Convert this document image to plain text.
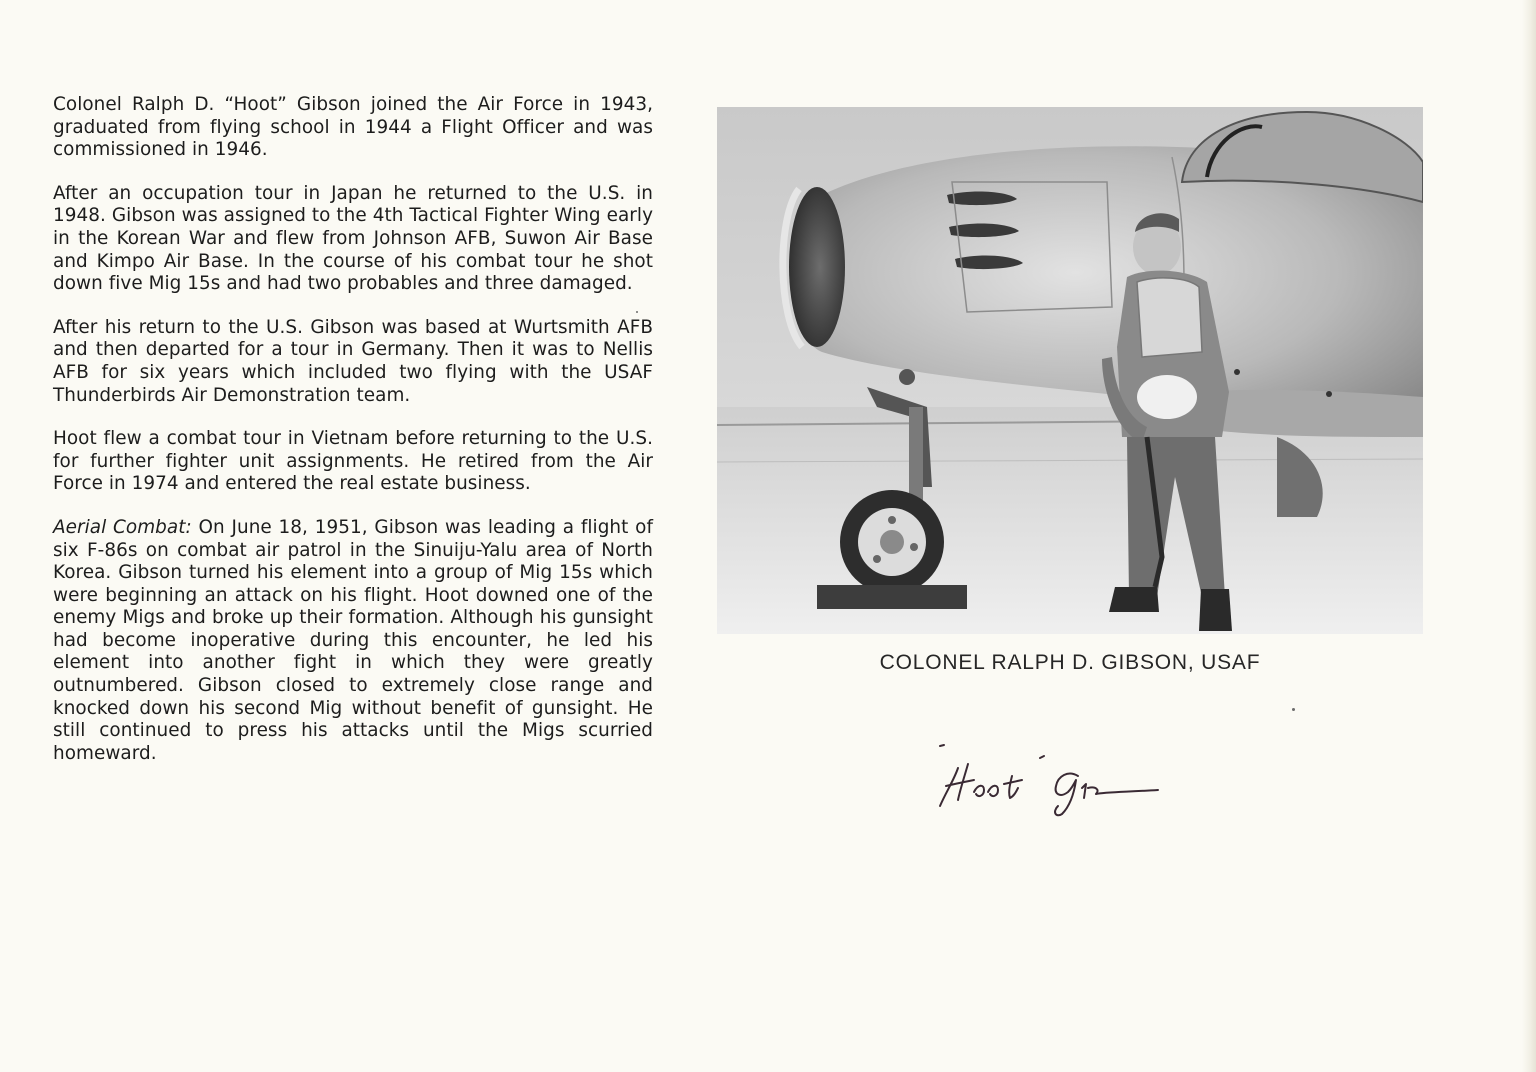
Colonel Ralph D. “Hoot” Gibson joined the Air Force in 1943, graduated from flying school in 1944 a Flight Officer and was commissioned in 1946.

After an occupation tour in Japan he returned to the U.S. in 1948. Gibson was assigned to the 4th Tactical Fighter Wing early in the Korean War and flew from Johnson AFB, Suwon Air Base and Kimpo Air Base. In the course of his combat tour he shot down five Mig 15s and had two probables and three damaged.

After his return to the U.S. Gibson was based at Wurtsmith AFB and then departed for a tour in Germany. Then it was to Nellis AFB for six years which included two flying with the USAF Thunderbirds Air Demonstration team.

Hoot flew a combat tour in Vietnam before returning to the U.S. for further fighter unit assignments. He retired from the Air Force in 1974 and entered the real estate business.

Aerial Combat: On June 18, 1951, Gibson was leading a flight of six F-86s on combat air patrol in the Sinuiju-Yalu area of North Korea. Gibson turned his element into a group of Mig 15s which were beginning an attack on his flight. Hoot downed one of the enemy Migs and broke up their formation. Although his gunsight had become inoperative during this encounter, he led his element into another fight in which they were greatly outnumbered. Gibson closed to extremely close range and knocked down his second Mig without benefit of gunsight. He still continued to press his attacks until the Migs scurried homeward.

COLONEL RALPH D. GIBSON, USAF
